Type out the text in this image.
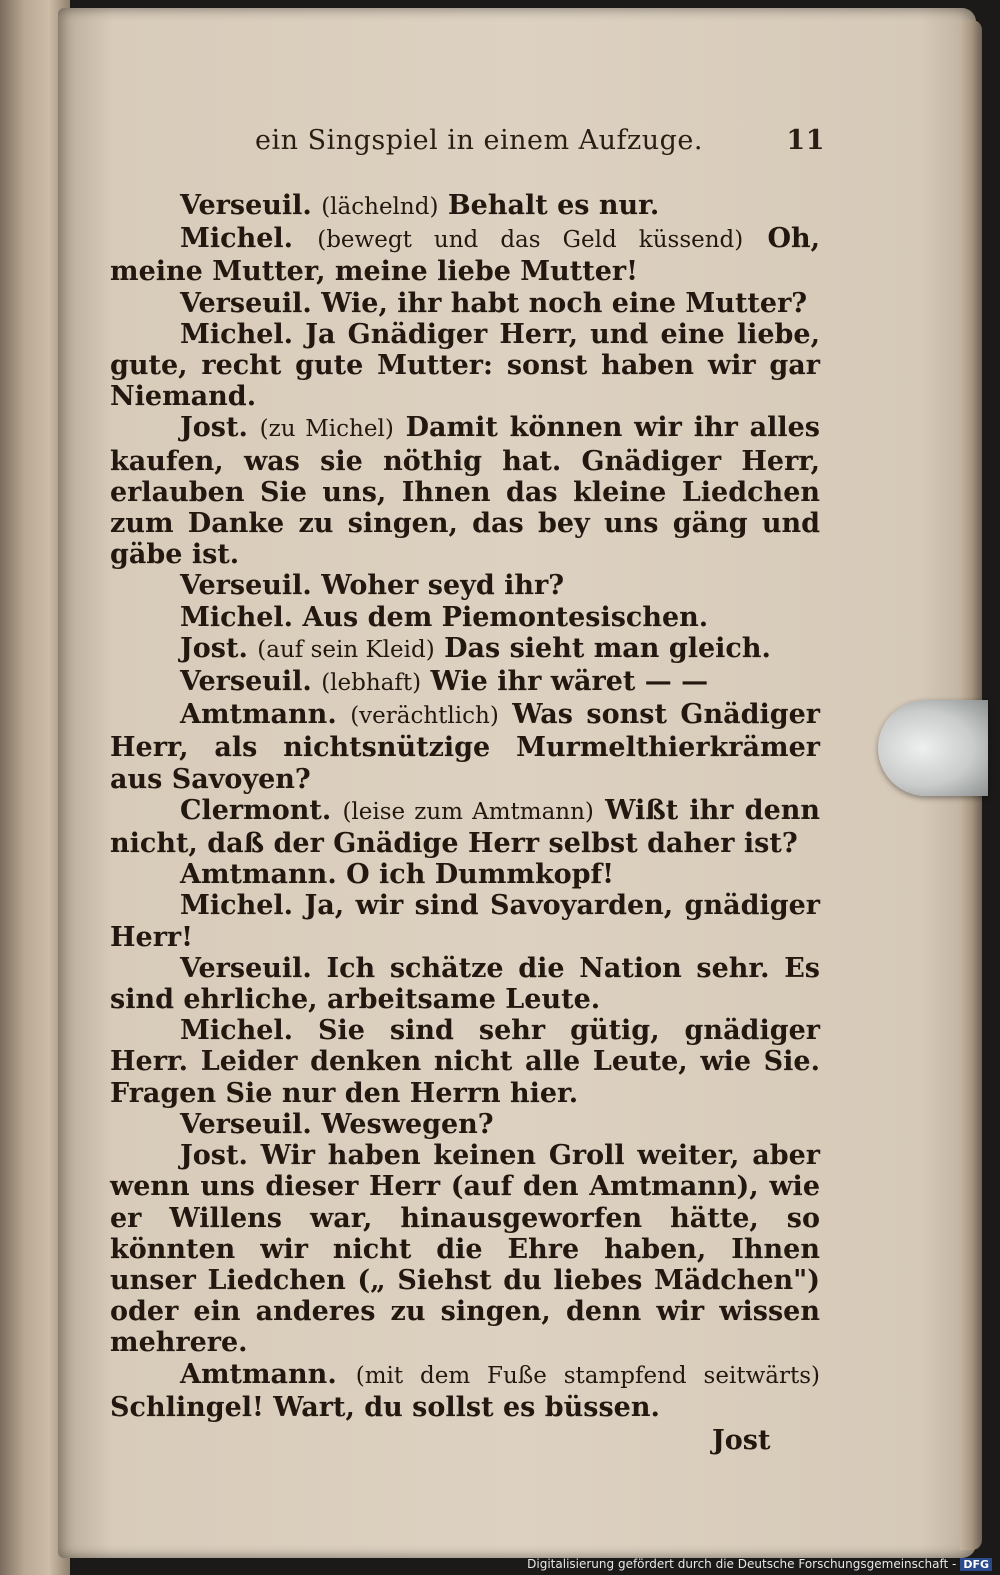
ein Singspiel in einem Aufzuge.	11

Verseuil. (lächelnd) Behalt es nur.

Michel. (bewegt und das Geld küssend) Oh, meine Mutter, meine liebe Mutter!

Verseuil. Wie, ihr habt noch eine Mutter?

Michel. Ja Gnädiger Herr, und eine liebe, gute, recht gute Mutter: sonst haben wir gar Niemand.

Jost. (zu Michel) Damit können wir ihr alles kaufen, was sie nöthig hat. Gnädiger Herr, erlauben Sie uns, Ihnen das kleine Liedchen zum Danke zu singen, das bey uns gäng und gäbe ist.

Verseuil. Woher seyd ihr?

Michel. Aus dem Piemontesischen.

Jost. (auf sein Kleid) Das sieht man gleich.

Verseuil. (lebhaft) Wie ihr wäret — —

Amtmann. (verächtlich) Was sonst Gnädiger Herr, als nichtsnützige Murmelthierkrämer aus Savoyen?

Clermont. (leise zum Amtmann) Wißt ihr denn nicht, daß der Gnädige Herr selbst daher ist?

Amtmann. O ich Dummkopf!

Michel. Ja, wir sind Savoyarden, gnädiger Herr!

Verseuil. Ich schätze die Nation sehr. Es sind ehrliche, arbeitsame Leute.

Michel. Sie sind sehr gütig, gnädiger Herr. Leider denken nicht alle Leute, wie Sie. Fragen Sie nur den Herrn hier.

Verseuil. Weswegen?

Jost. Wir haben keinen Groll weiter, aber wenn uns dieser Herr (auf den Amtmann), wie er Willens war, hinausgeworfen hätte, so könnten wir nicht die Ehre haben, Ihnen unser Liedchen („ Siehst du liebes Mädchen") oder ein anderes zu singen, denn wir wissen mehrere.

Amtmann. (mit dem Fuße stampfend seitwärts) Schlingel! Wart, du sollst es büssen.

Jost
Digitalisierung gefördert durch die Deutsche Forschungsgemeinschaft - DFG
